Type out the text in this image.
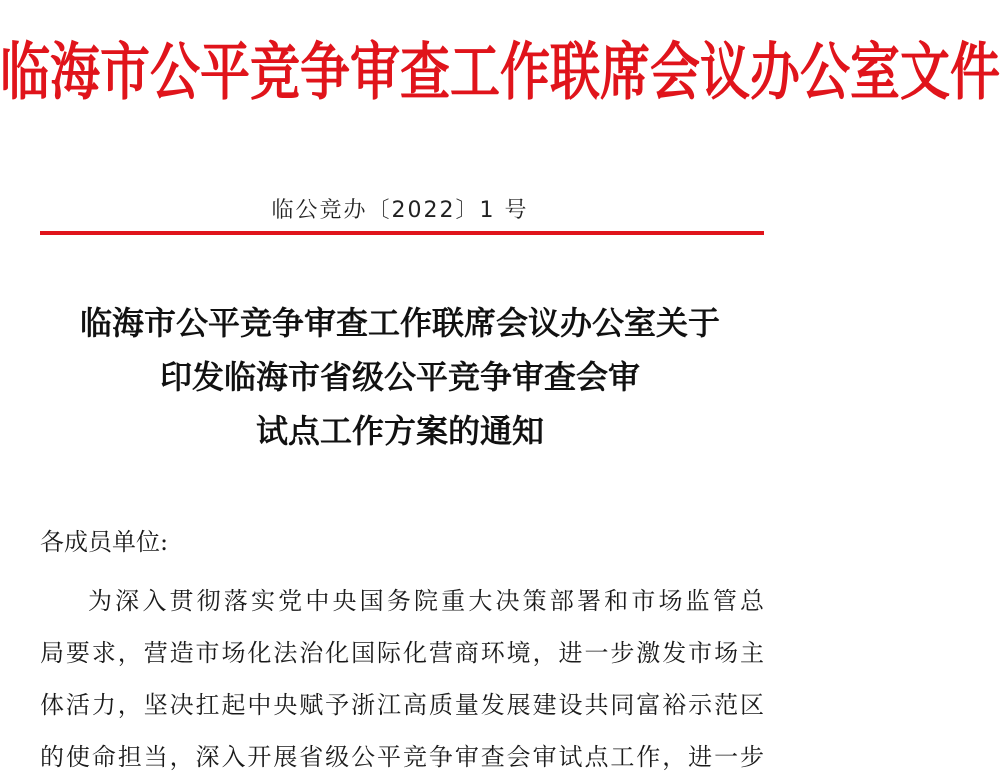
临海市公平竞争审查工作联席会议办公室文件
临公竞办〔2022〕1 号
临海市公平竞争审查工作联席会议办公室关于
印发临海市省级公平竞争审查会审
试点工作方案的通知
各成员单位:
为深入贯彻落实党中央国务院重大决策部署和市场监管总
局要求，营造市场化法治化国际化营商环境，进一步激发市场主
体活力，坚决扛起中央赋予浙江高质量发展建设共同富裕示范区
的使命担当，深入开展省级公平竞争审查会审试点工作，进一步
